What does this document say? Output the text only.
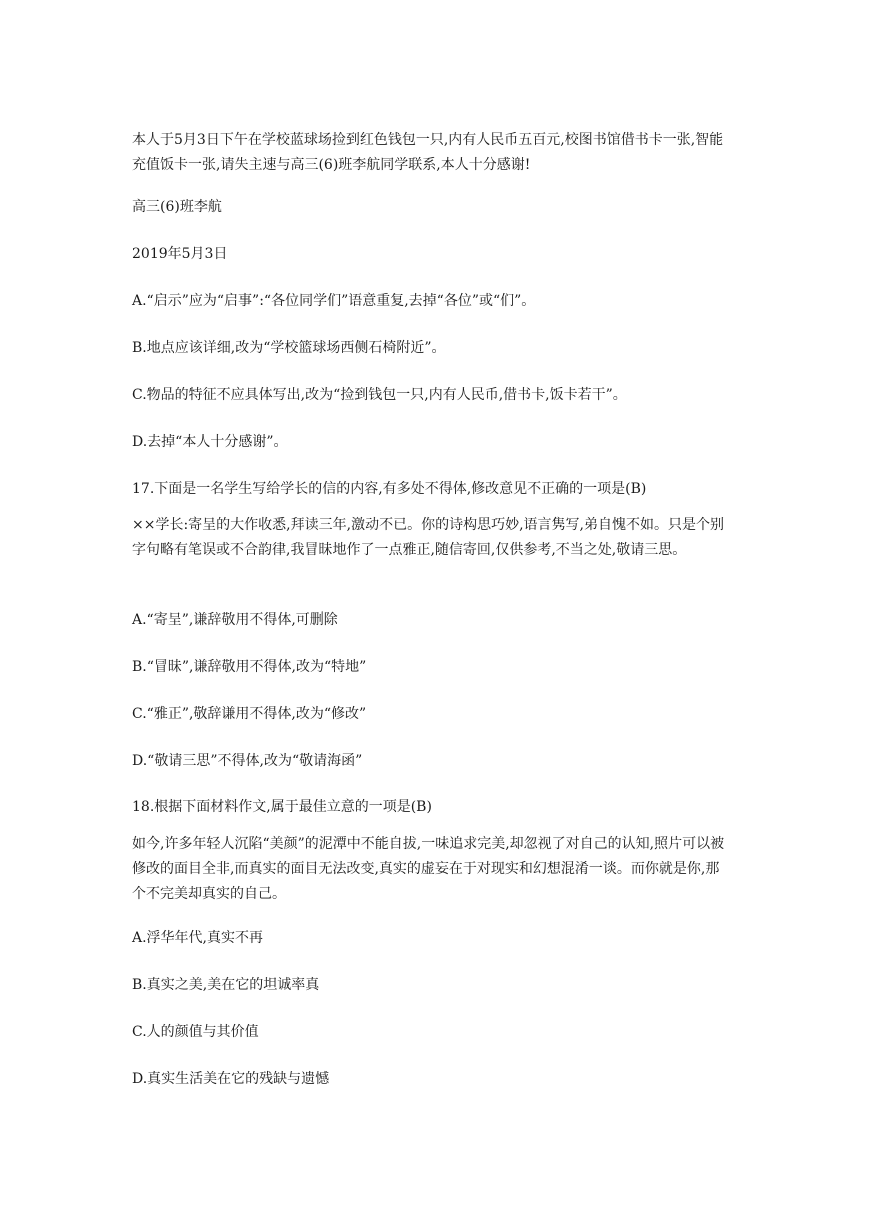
本人于5月3日下午在学校蓝球场捡到红色钱包一只,内有人民币五百元,校图书馆借书卡一张,智能充值饭卡一张,请失主速与高三(6)班李航同学联系,本人十分感谢!
高三(6)班李航
2019年5月3日
A.“启示”应为“启事”:“各位同学们”语意重复,去掉“各位”或“们”。
B.地点应该详细,改为“学校篮球场西侧石椅附近”。
C.物品的特征不应具体写出,改为“捡到钱包一只,内有人民币,借书卡,饭卡若干”。
D.去掉“本人十分感谢”。
17.下面是一名学生写给学长的信的内容,有多处不得体,修改意见不正确的一项是(B)
××学长:寄呈的大作收悉,拜读三年,激动不已。你的诗构思巧妙,语言隽写,弟自愧不如。只是个别字句略有笔误或不合韵律,我冒昧地作了一点雅正,随信寄回,仅供参考,不当之处,敬请三思。
A.“寄呈”,谦辞敬用不得体,可删除
B.“冒昧”,谦辞敬用不得体,改为“特地”
C.“雅正”,敬辞谦用不得体,改为“修改”
D.“敬请三思”不得体,改为“敬请海函”
18.根据下面材料作文,属于最佳立意的一项是(B)
如今,许多年轻人沉陷“美颜”的泥潭中不能自拔,一味追求完美,却忽视了对自己的认知,照片可以被修改的面目全非,而真实的面目无法改变,真实的虚妄在于对现实和幻想混淆一谈。而你就是你,那个不完美却真实的自己。
A.浮华年代,真实不再
B.真实之美,美在它的坦诚率真
C.人的颜值与其价值
D.真实生活美在它的残缺与遗憾
